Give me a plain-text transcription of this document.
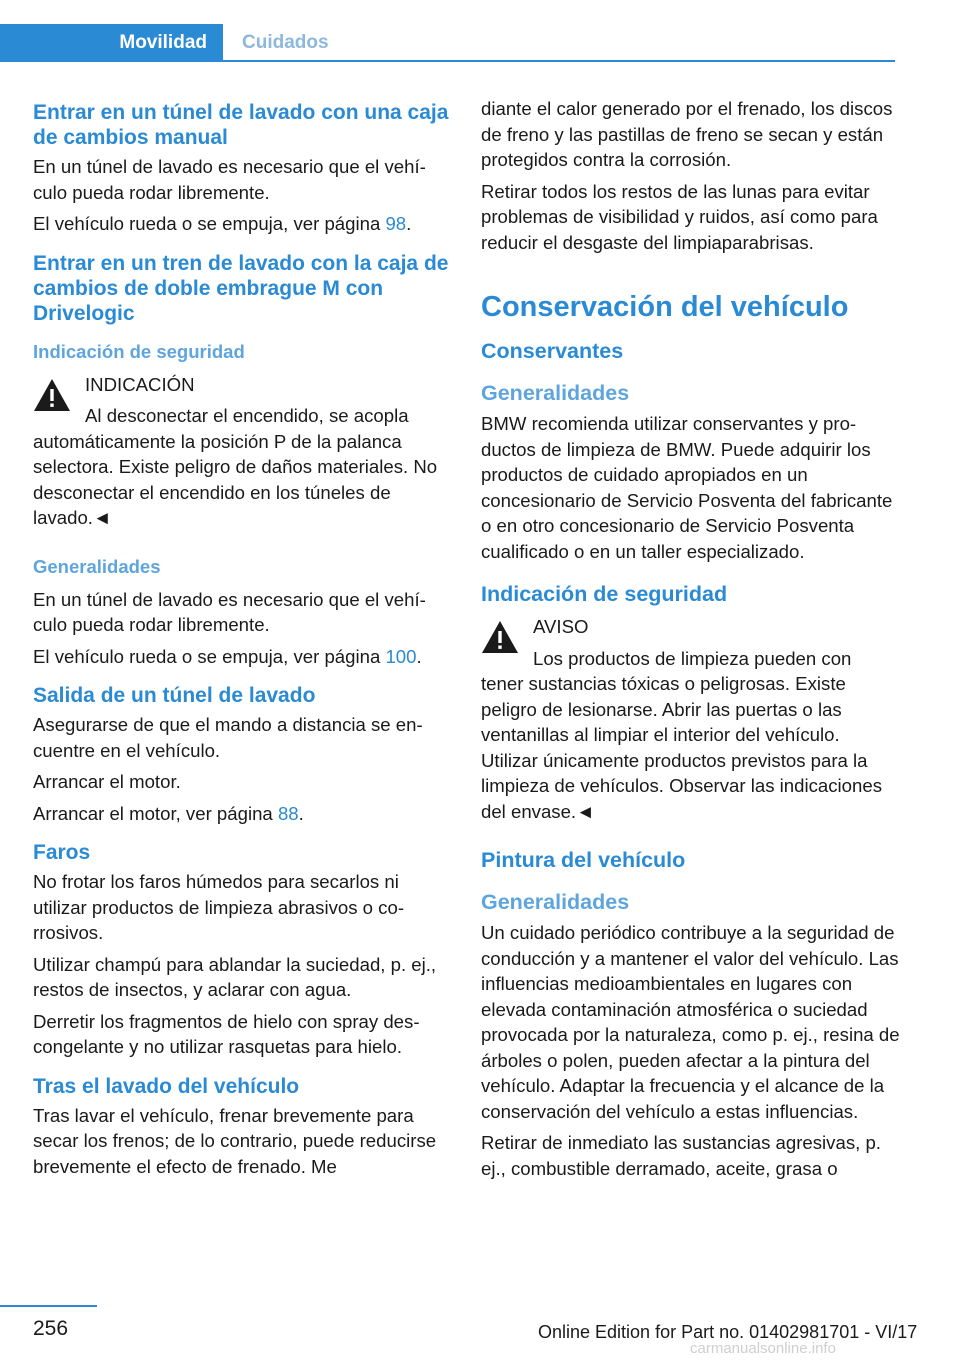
Movilidad	Cuidados
Entrar en un túnel de lavado con una caja de cambios manual

En un túnel de lavado es necesario que el vehículo pueda rodar libremente.

El vehículo rueda o se empuja, ver página 98.

Entrar en un tren de lavado con la caja de cambios de doble embrague M con Drivelogic
Indicación de seguridad

INDICACIÓN

Al desconectar el encendido, se acopla

automáticamente la posición P de la palanca selectora. Existe peligro de daños materiales. No desconectar el encendido en los túneles de lavado.◄

Generalidades

En un túnel de lavado es necesario que el vehículo pueda rodar libremente.

El vehículo rueda o se empuja, ver página 100.

Salida de un túnel de lavado

Asegurarse de que el mando a distancia se encuentre en el vehículo.

Arrancar el motor.

Arrancar el motor, ver página 88.

Faros

No frotar los faros húmedos para secarlos ni utilizar productos de limpieza abrasivos o corrosivos.

Utilizar champú para ablandar la suciedad, p. ej., restos de insectos, y aclarar con agua.

Derretir los fragmentos de hielo con spray descongelante y no utilizar rasquetas para hielo.

Tras el lavado del vehículo

Tras lavar el vehículo, frenar brevemente para secar los frenos; de lo contrario, puede reducirse brevemente el efecto de frenado. Me

diante el calor generado por el frenado, los discos de freno y las pastillas de freno se secan y están protegidos contra la corrosión.

Retirar todos los restos de las lunas para evitar problemas de visibilidad y ruidos, así como para reducir el desgaste del limpiaparabrisas.

Conservación del vehículo
Conservantes
Generalidades

BMW recomienda utilizar conservantes y productos de limpieza de BMW. Puede adquirir los productos de cuidado apropiados en un concesionario de Servicio Posventa del fabricante o en otro concesionario de Servicio Posventa cualificado o en un taller especializado.

Indicación de seguridad

AVISO

Los productos de limpieza pueden con

tener sustancias tóxicas o peligrosas. Existe peligro de lesionarse. Abrir las puertas o las ventanillas al limpiar el interior del vehículo. Utilizar únicamente productos previstos para la limpieza de vehículos. Observar las indicaciones del envase.◄

Pintura del vehículo
Generalidades

Un cuidado periódico contribuye a la seguridad de conducción y a mantener el valor del vehículo. Las influencias medioambientales en lugares con elevada contaminación atmosférica o suciedad provocada por la naturaleza, como p. ej., resina de árboles o polen, pueden afectar a la pintura del vehículo. Adaptar la frecuencia y el alcance de la conservación del vehículo a estas influencias.

Retirar de inmediato las sustancias agresivas, p. ej., combustible derramado, aceite, grasa o

256	Online Edition for Part no. 01402981701 - VI/17
carmanualsonline.info
